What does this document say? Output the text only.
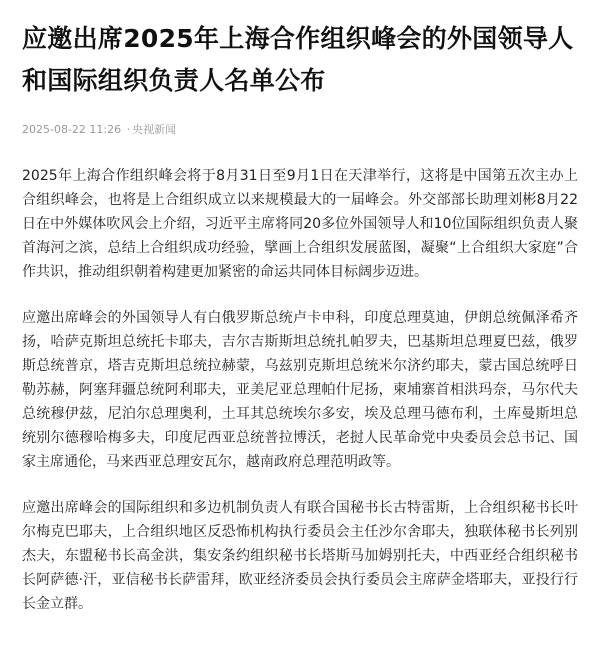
应邀出席2025年上海合作组织峰会的外国领导人和国际组织负责人名单公布
2025-08-22 11:26 · 央视新闻

2025年上海合作组织峰会将于8月31日至9月1日在天津举行，这将是中国第五次主办上合组织峰会，也将是上合组织成立以来规模最大的一届峰会。外交部部长助理刘彬8月22日在中外媒体吹风会上介绍，习近平主席将同20多位外国领导人和10位国际组织负责人聚首海河之滨，总结上合组织成功经验，擘画上合组织发展蓝图，凝聚“上合组织大家庭”合作共识，推动组织朝着构建更加紧密的命运共同体目标阔步迈进。

应邀出席峰会的外国领导人有白俄罗斯总统卢卡申科，印度总理莫迪，伊朗总统佩泽希齐扬，哈萨克斯坦总统托卡耶夫，吉尔吉斯斯坦总统扎帕罗夫，巴基斯坦总理夏巴兹，俄罗斯总统普京，塔吉克斯坦总统拉赫蒙，乌兹别克斯坦总统米尔济约耶夫，蒙古国总统呼日勒苏赫，阿塞拜疆总统阿利耶夫，亚美尼亚总理帕什尼扬，柬埔寨首相洪玛奈，马尔代夫总统穆伊兹，尼泊尔总理奥利，土耳其总统埃尔多安，埃及总理马德布利，土库曼斯坦总统别尔德穆哈梅多夫，印度尼西亚总统普拉博沃，老挝人民革命党中央委员会总书记、国家主席通伦，马来西亚总理安瓦尔，越南政府总理范明政等。

应邀出席峰会的国际组织和多边机制负责人有联合国秘书长古特雷斯，上合组织秘书长叶尔梅克巴耶夫，上合组织地区反恐怖机构执行委员会主任沙尔舍耶夫，独联体秘书长列别杰夫，东盟秘书长高金洪，集安条约组织秘书长塔斯马加姆别托夫，中西亚经合组织秘书长阿萨德·汗，亚信秘书长萨雷拜，欧亚经济委员会执行委员会主席萨金塔耶夫，亚投行行长金立群。
